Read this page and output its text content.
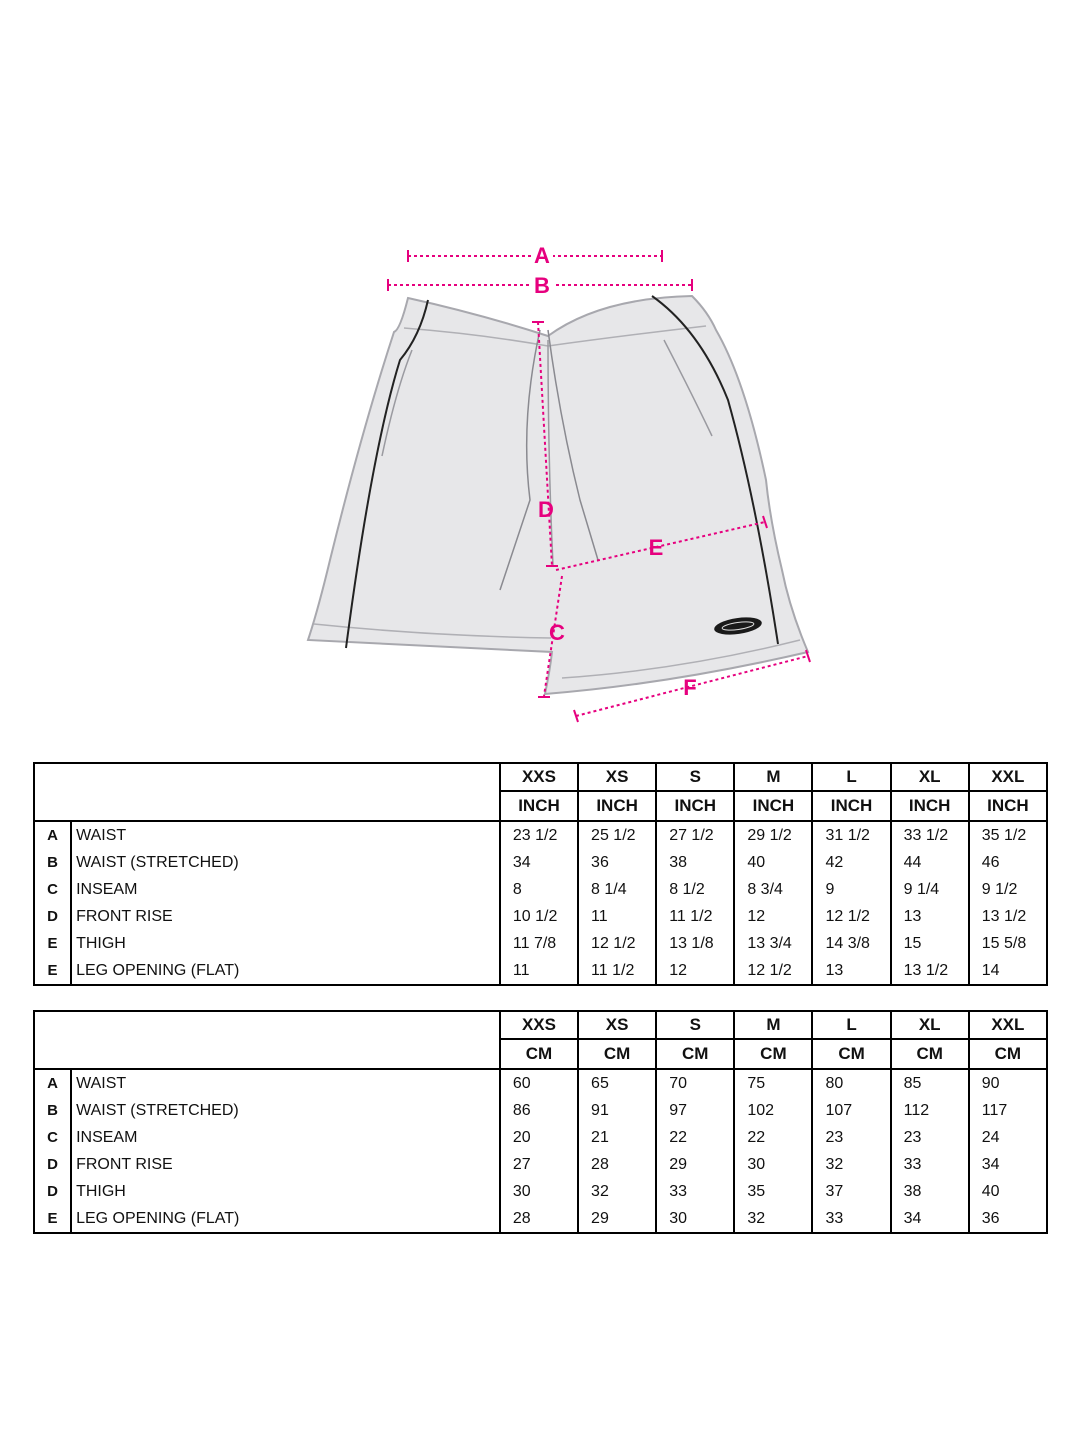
A
B
C
D
E
F
		XXS	XS	S	M	L	XL	XXL
		INCH	INCH	INCH	INCH	INCH	INCH	INCH
A	WAIST	23 1/2	25 1/2	27 1/2	29 1/2	31 1/2	33 1/2	35 1/2
B	WAIST (STRETCHED)	34	36	38	40	42	44	46
C	INSEAM	8	8 1/4	8 1/2	8 3/4	9	9 1/4	9 1/2
D	FRONT RISE	10 1/2	11	11 1/2	12	12 1/2	13	13 1/2
E	THIGH	11 7/8	12 1/2	13 1/8	13 3/4	14 3/8	15	15 5/8
E	LEG OPENING (FLAT)	11	11 1/2	12	12 1/2	13	13 1/2	14
		XXS	XS	S	M	L	XL	XXL
		CM	CM	CM	CM	CM	CM	CM
A	WAIST	60	65	70	75	80	85	90
B	WAIST (STRETCHED)	86	91	97	102	107	112	117
C	INSEAM	20	21	22	22	23	23	24
D	FRONT RISE	27	28	29	30	32	33	34
D	THIGH	30	32	33	35	37	38	40
E	LEG OPENING (FLAT)	28	29	30	32	33	34	36
